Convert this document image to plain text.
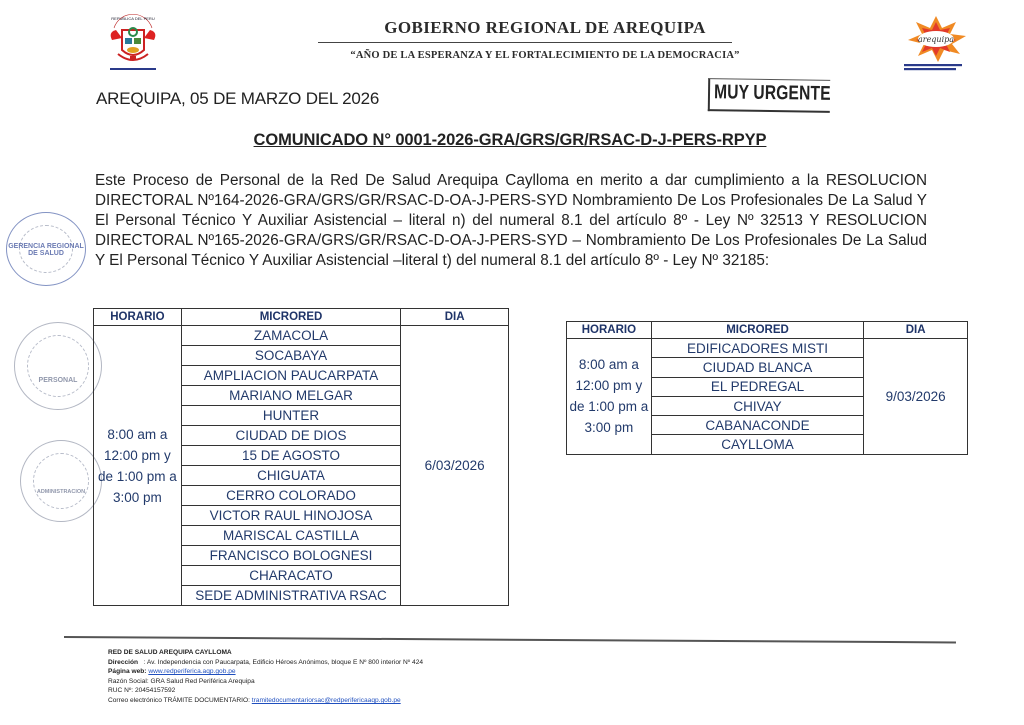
REPUBLICA DEL PERU	GOBIERNO REGIONAL DE AREQUIPA
“AÑO DE LA ESPERANZA Y EL FORTALECIMIENTO DE LA DEMOCRACIA”
arequipa
AREQUIPA, 05 DE MARZO DEL 2026	MUY URGENTE
COMUNICADO N° 0001-2026-GRA/GRS/GR/RSAC-D-J-PERS-RPYP
Este Proceso de Personal de la Red De Salud Arequipa Caylloma en merito a dar cumplimiento a la RESOLUCION DIRECTORAL Nº164-2026-GRA/GRS/GR/RSAC-D-OA-J-PERS-SYD Nombramiento De Los Profesionales De La Salud Y El Personal Técnico Y Auxiliar Asistencial – literal n) del numeral 8.1 del artículo 8º - Ley Nº 32513 Y RESOLUCION DIRECTORAL Nº165-2026-GRA/GRS/GR/RSAC-D-OA-J-PERS-SYD – Nombramiento De Los Profesionales De La Salud Y El Personal Técnico Y Auxiliar Asistencial –literal t) del numeral 8.1 del artículo 8º - Ley Nº 32185:
GERENCIA REGIONAL DE SALUD
PERSONAL
ADMINISTRACION
HORARIO	MICRORED	DIA

8:00 am a
12:00 pm y
de 1:00 pm a
3:00 pm	ZAMACOLA	6/03/2026
	SOCABAYA	
	AMPLIACION PAUCARPATA	
	MARIANO MELGAR	
	HUNTER	
	CIUDAD DE DIOS	
	15 DE AGOSTO	
	CHIGUATA	
	CERRO COLORADO	
	VICTOR RAUL HINOJOSA	
	MARISCAL CASTILLA	
	FRANCISCO BOLOGNESI	
	CHARACATO	
	SEDE ADMINISTRATIVA RSAC	
HORARIO	MICRORED	DIA

8:00 am a
12:00 pm y
de 1:00 pm a
3:00 pm	EDIFICADORES MISTI	9/03/2026
	CIUDAD BLANCA	
	EL PEDREGAL	
	CHIVAY	
	CABANACONDE	
	CAYLLOMA	
RED DE SALUD AREQUIPA CAYLLOMA
Dirección : Av. Independencia con Paucarpata, Edificio Héroes Anónimos, bloque E Nº 800 interior Nº 424
Página web: www.redperiferica.aqp.gob.pe
Razón Social: GRA Salud Red Periférica Arequipa
RUC Nº: 20454157592
Correo electrónico TRÁMITE DOCUMENTARIO: tramitedocumentariorsac@redperifericaaqp.gob.pe
